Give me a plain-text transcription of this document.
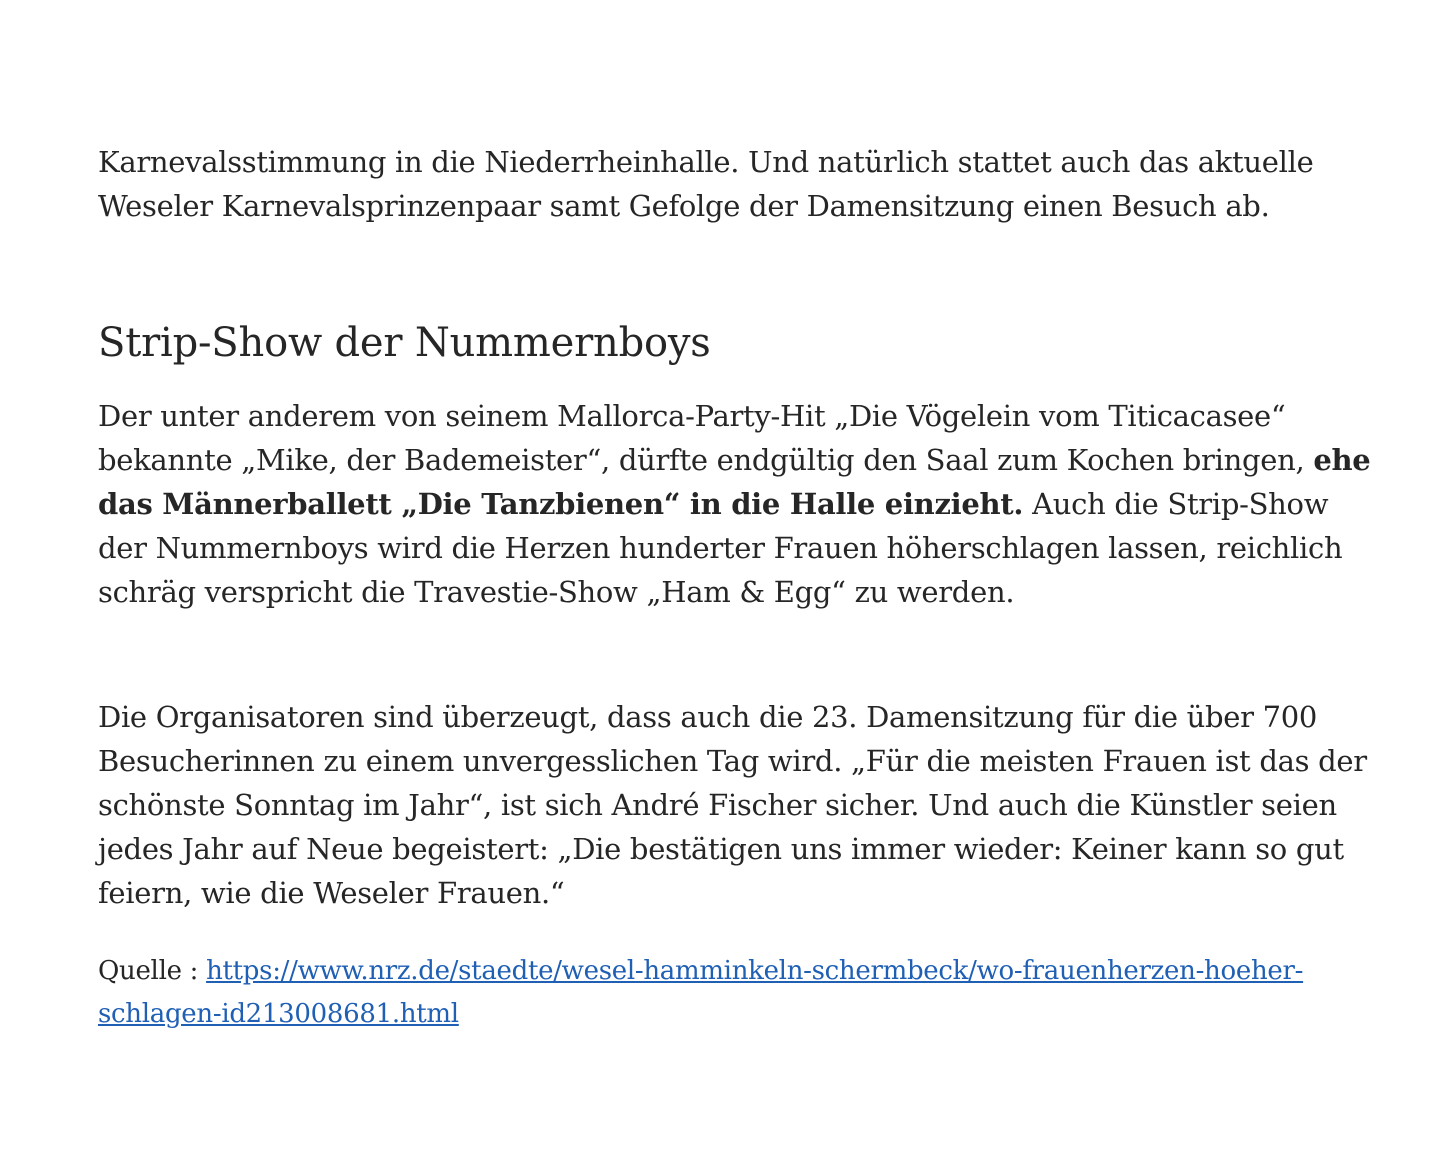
Karnevalsstimmung in die Niederrheinhalle. Und natürlich stattet auch das aktuelle Weseler Karnevalsprinzenpaar samt Gefolge der Damensitzung einen Besuch ab.

Strip-Show der Nummernboys

Der unter anderem von seinem Mallorca-Party-Hit „Die Vögelein vom Titicacasee“ bekannte „Mike, der Bademeister“, dürfte endgültig den Saal zum Kochen bringen, ehe das Männerballett „Die Tanzbienen“ in die Halle einzieht. Auch die Strip-Show der Nummernboys wird die Herzen hunderter Frauen höherschlagen lassen, reichlich schräg verspricht die Travestie-Show „Ham & Egg“ zu werden.

Die Organisatoren sind überzeugt, dass auch die 23. Damensitzung für die über 700 Besucherinnen zu einem unvergesslichen Tag wird. „Für die meisten Frauen ist das der schönste Sonntag im Jahr“, ist sich André Fischer sicher. Und auch die Künstler seien jedes Jahr auf Neue begeistert: „Die bestätigen uns immer wieder: Keiner kann so gut feiern, wie die Weseler Frauen.“

Quelle : https://www.nrz.de/staedte/wesel-hamminkeln-schermbeck/wo-frauenherzen-hoeher-schlagen-id213008681.html
